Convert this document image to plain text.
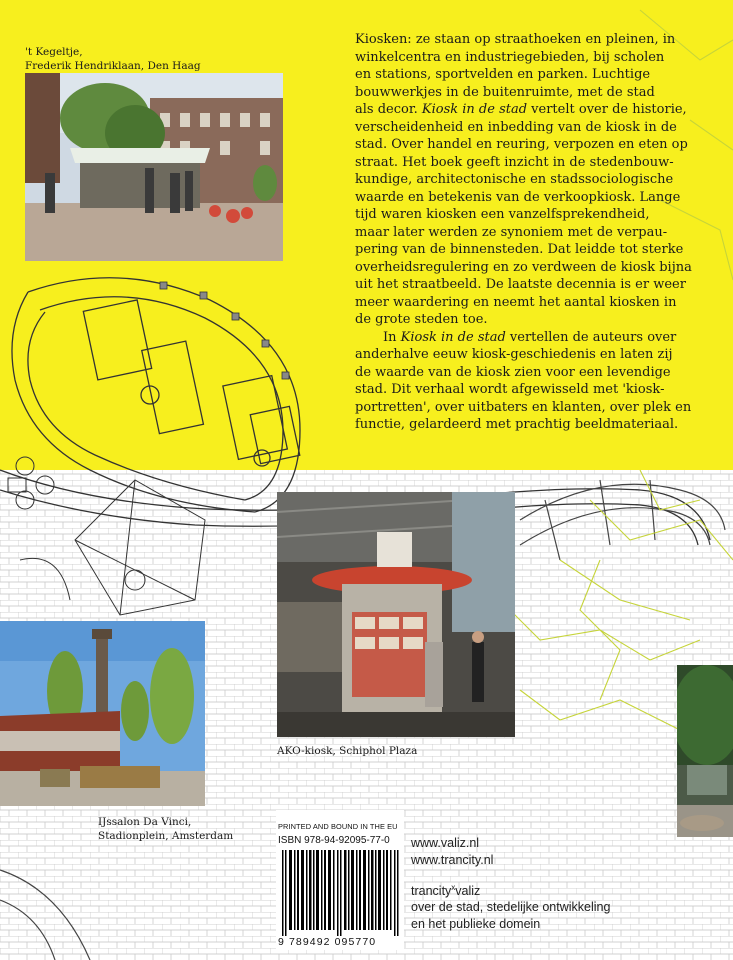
't Kegeltje,
Frederik Hendriklaan, Den Haag
AKO-kiosk, Schiphol Plaza
IJssalon Da Vinci,
Stadionplein, Amsterdam

Kiosken: ze staan op straathoeken en pleinen, in
winkelcentra en industriegebieden, bij scholen
en stations, sportvelden en parken. Luchtige
bouwwerkjes in de buitenruimte, met de stad
als decor. Kiosk in de stad vertelt over de historie,
verscheidenheid en inbedding van de kiosk in de
stad. Over handel en reuring, verpozen en eten op
straat. Het boek geeft inzicht in de stedenbouw-
kundige, architectonische en stadssociologische
waarde en betekenis van de verkoopkiosk. Lange
tijd waren kiosken een vanzelfsprekendheid,
maar later werden ze synoniem met de verpau-
pering van de binnensteden. Dat leidde tot sterke
overheidsregulering en zo verdween de kiosk bijna
uit het straatbeeld. De laatste decennia is er weer
meer waardering en neemt het aantal kiosken in
de grote steden toe.

In Kiosk in de stad vertellen de auteurs over
anderhalve eeuw kiosk-geschiedenis en laten zij
de waarde van de kiosk zien voor een levendige
stad. Dit verhaal wordt afgewisseld met 'kiosk-
portretten', over uitbaters en klanten, over plek en
functie, gelardeerd met prachtig beeldmateriaal.

PRINTED AND BOUND IN THE EU
ISBN 978-94-92095-77-0
9 789492 095770
www.valiz.nl
www.trancity.nl
trancity$^x$valiz
over de stad, stedelijke ontwikkeling
en het publieke domein
